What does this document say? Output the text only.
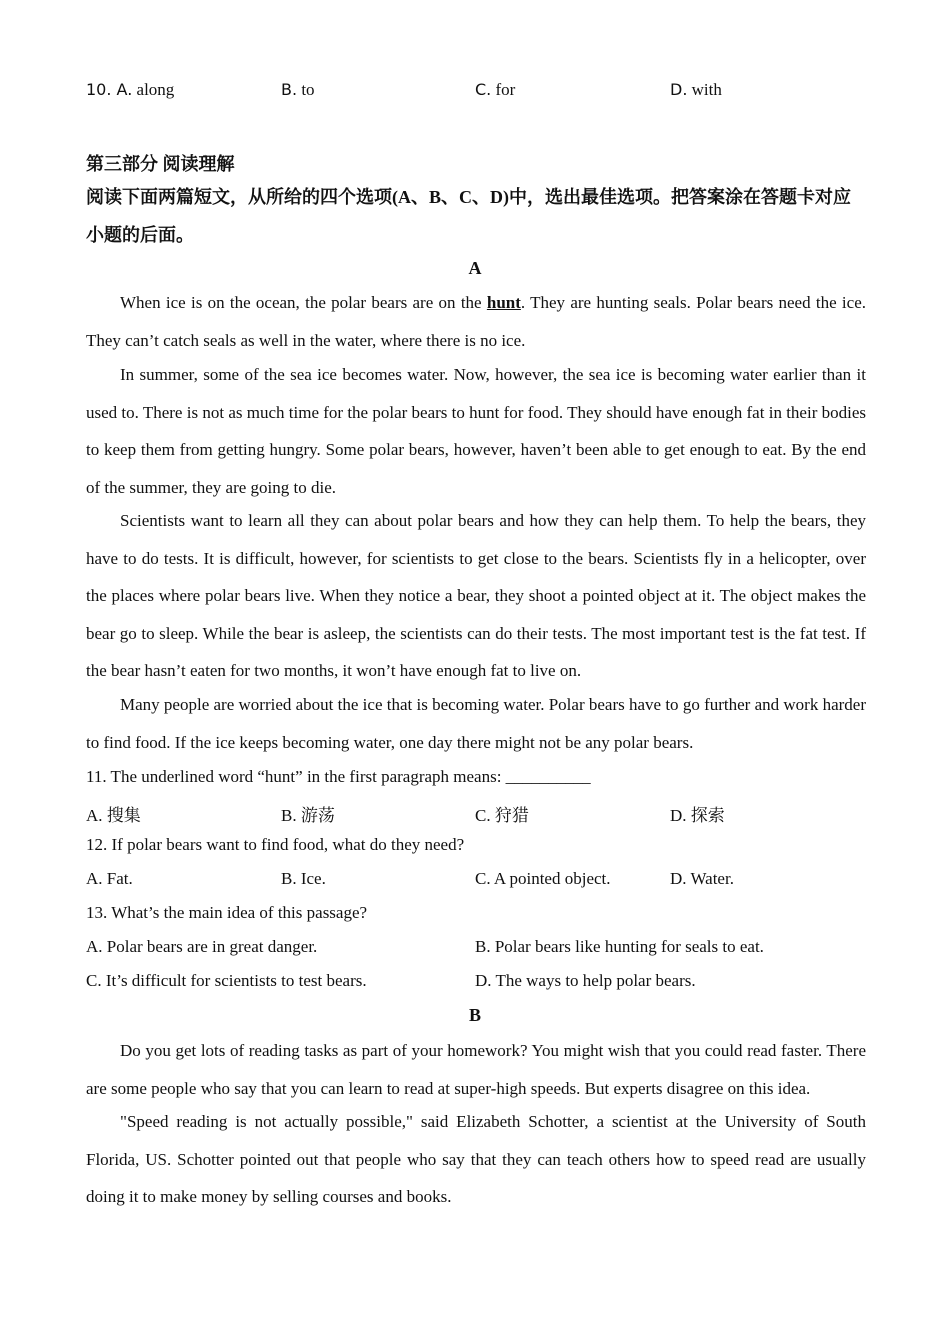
10. A. along	B. to	C. for	D. with
第三部分 阅读理解
阅读下面两篇短文，从所给的四个选项(A、B、C、D)中，选出最佳选项。把答案涂在答题卡对应小题的后面。
A
When ice is on the ocean, the polar bears are on the hunt. They are hunting seals. Polar bears need the ice. They can’t catch seals as well in the water, where there is no ice.
In summer, some of the sea ice becomes water. Now, however, the sea ice is becoming water earlier than it used to. There is not as much time for the polar bears to hunt for food. They should have enough fat in their bodies to keep them from getting hungry. Some polar bears, however, haven’t been able to get enough to eat. By the end of the summer, they are going to die.
Scientists want to learn all they can about polar bears and how they can help them. To help the bears, they have to do tests. It is difficult, however, for scientists to get close to the bears. Scientists fly in a helicopter, over the places where polar bears live. When they notice a bear, they shoot a pointed object at it. The object makes the bear go to sleep. While the bear is asleep, the scientists can do their tests. The most important test is the fat test. If the bear hasn’t eaten for two months, it won’t have enough fat to live on.
Many people are worried about the ice that is becoming water. Polar bears have to go further and work harder to find food. If the ice keeps becoming water, one day there might not be any polar bears.
11. The underlined word “hunt” in the first paragraph means: __________
A. 搜集	B. 游荡	C. 狩猎	D. 探索
12. If polar bears want to find food, what do they need?
A. Fat.	B. Ice.	C. A pointed object.	D. Water.
13. What’s the main idea of this passage?
A. Polar bears are in great danger.	B. Polar bears like hunting for seals to eat.
C. It’s difficult for scientists to test bears.	D. The ways to help polar bears.
B
Do you get lots of reading tasks as part of your homework? You might wish that you could read faster. There are some people who say that you can learn to read at super-high speeds. But experts disagree on this idea.
"Speed reading is not actually possible," said Elizabeth Schotter, a scientist at the University of South Florida, US. Schotter pointed out that people who say that they can teach others how to speed read are usually doing it to make money by selling courses and books.
